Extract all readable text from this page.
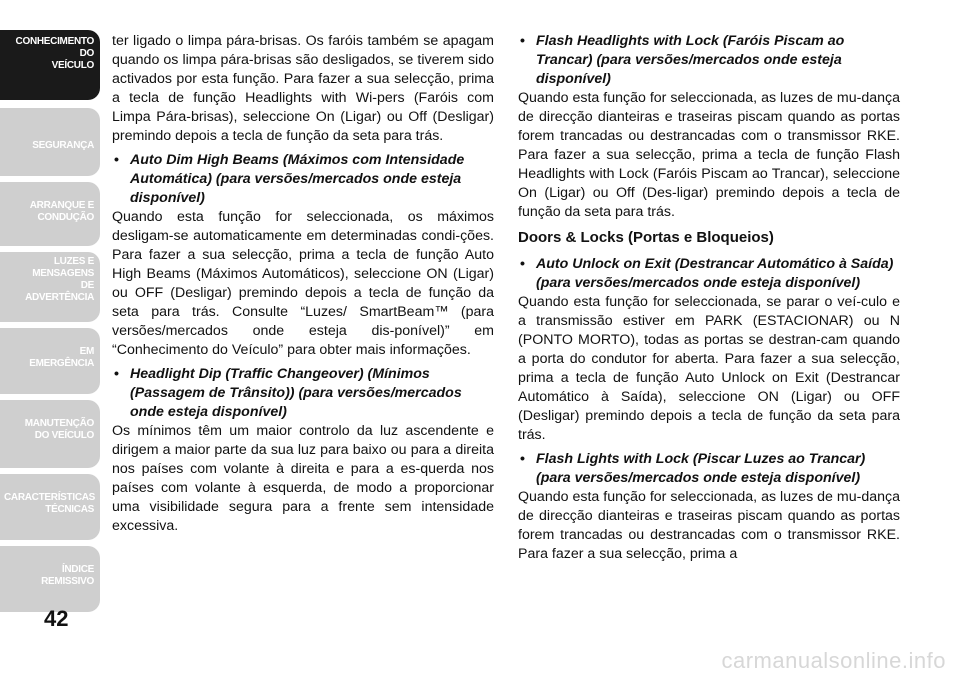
CONHECIMENTO
DO
VEÍCULO
SEGURANÇA
ARRANQUE E
CONDUÇÃO
LUZES E
MENSAGENS
DE
ADVERTÊNCIA
EM
EMERGÊNCIA
MANUTENÇÃO
DO VEÍCULO
CARACTERÍSTICAS
TÉCNICAS
ÍNDICE
REMISSIVO
42

ter ligado o limpa pára-brisas. Os faróis também se apagam quando os limpa pára-brisas são desligados, se tiverem sido activados por esta função. Para fazer a sua selecção, prima a tecla de função Headlights with Wi-pers (Faróis com Limpa Pára-brisas), seleccione On (Ligar) ou Off (Desligar) premindo depois a tecla de função da seta para trás.

• Auto Dim High Beams (Máximos com Intensidade Automática) (para versões/mercados onde esteja disponível)

Quando esta função for seleccionada, os máximos desligam-se automaticamente em determinadas condi-ções. Para fazer a sua selecção, prima a tecla de função Auto High Beams (Máximos Automáticos), seleccione ON (Ligar) ou OFF (Desligar) premindo depois a tecla de função da seta para trás. Consulte “Luzes/ SmartBeam™ (para versões/mercados onde esteja dis-ponível)” em “Conhecimento do Veículo” para obter mais informações.

• Headlight Dip (Traffic Changeover) (Mínimos (Passagem de Trânsito)) (para versões/mercados onde esteja disponível)

Os mínimos têm um maior controlo da luz ascendente e dirigem a maior parte da sua luz para baixo ou para a direita nos países com volante à direita e para a es-querda nos países com volante à esquerda, de modo a proporcionar uma visibilidade segura para a frente sem intensidade excessiva.

• Flash Headlights with Lock (Faróis Piscam ao Trancar) (para versões/mercados onde esteja disponível)

Quando esta função for seleccionada, as luzes de mu-dança de direcção dianteiras e traseiras piscam quando as portas forem trancadas ou destrancadas com o transmissor RKE. Para fazer a sua selecção, prima a tecla de função Flash Headlights with Lock (Faróis Piscam ao Trancar), seleccione On (Ligar) ou Off (Des-ligar) premindo depois a tecla de função da seta para trás.

Doors & Locks (Portas e Bloqueios)
• Auto Unlock on Exit (Destrancar Automático à Saída) (para versões/mercados onde esteja disponível)

Quando esta função for seleccionada, se parar o veí-culo e a transmissão estiver em PARK (ESTACIONAR) ou N (PONTO MORTO), todas as portas se destran-cam quando a porta do condutor for aberta. Para fazer a sua selecção, prima a tecla de função Auto Unlock on Exit (Destrancar Automático à Saída), seleccione ON (Ligar) ou OFF (Desligar) premindo depois a tecla de função da seta para trás.

• Flash Lights with Lock (Piscar Luzes ao Trancar) (para versões/mercados onde esteja disponível)

Quando esta função for seleccionada, as luzes de mu-dança de direcção dianteiras e traseiras piscam quando as portas forem trancadas ou destrancadas com o transmissor RKE. Para fazer a sua selecção, prima a

carmanualsonline.info
